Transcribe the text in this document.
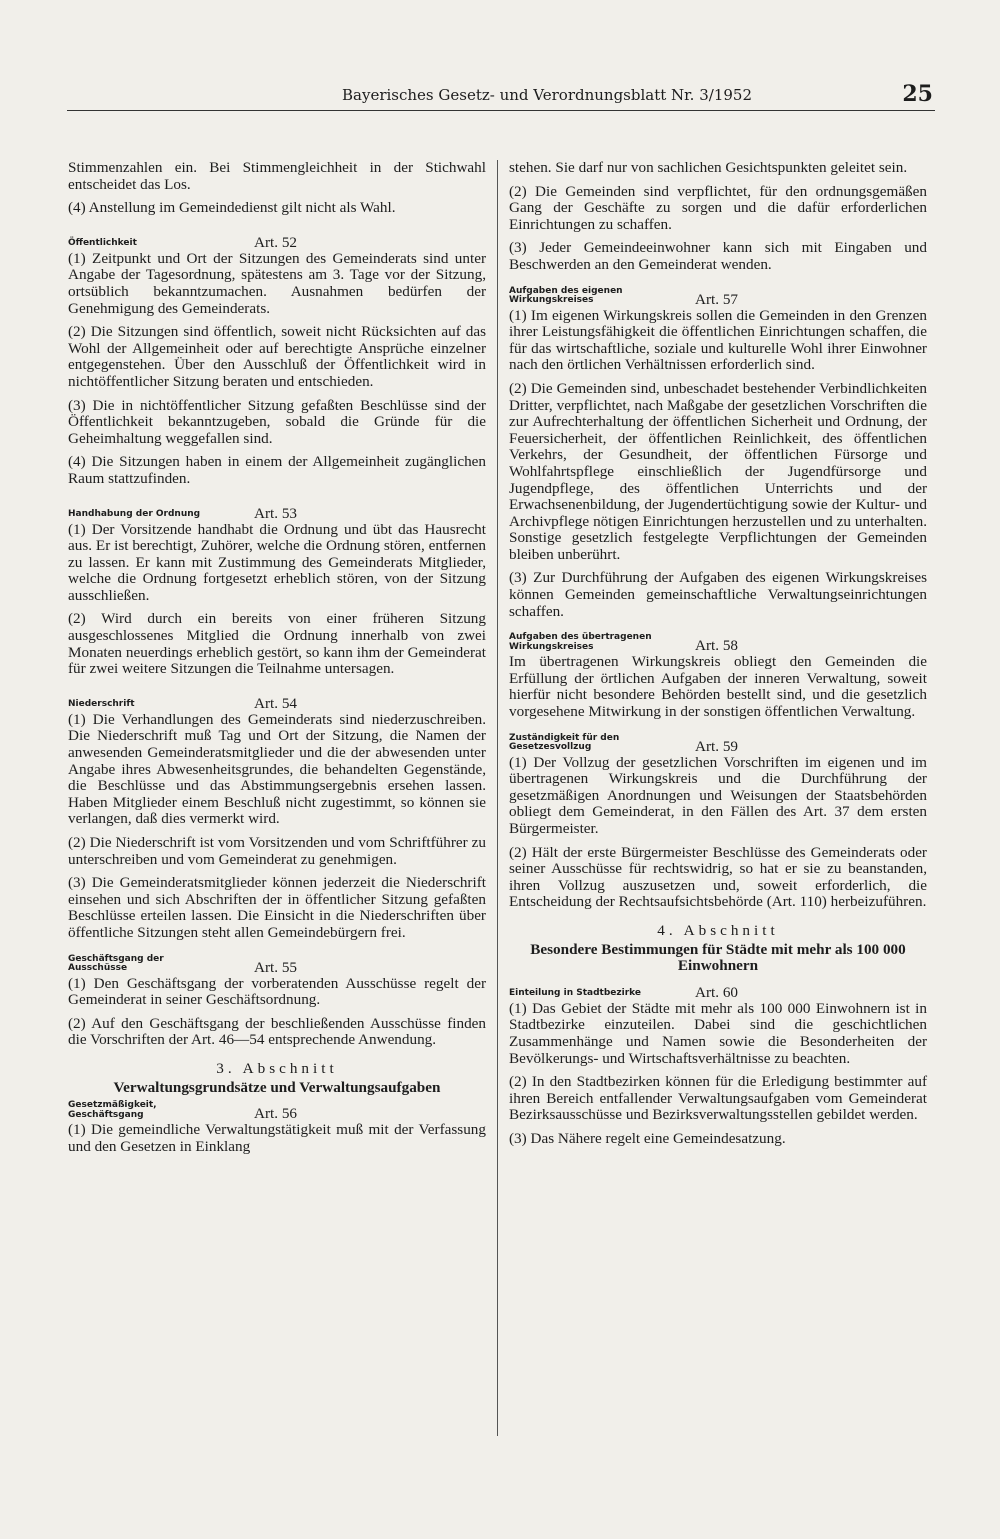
Bayerisches Gesetz- und Verordnungsblatt Nr. 3/1952	25

Stimmenzahlen ein. Bei Stimmengleichheit in der Stichwahl entscheidet das Los.

(4) Anstellung im Gemeindedienst gilt nicht als Wahl.

Öffentlichkeit	Art. 52

(1) Zeitpunkt und Ort der Sitzungen des Gemeinderats sind unter Angabe der Tagesordnung, spätestens am 3. Tage vor der Sitzung, ortsüblich bekanntzumachen. Ausnahmen bedürfen der Genehmigung des Gemeinderats.

(2) Die Sitzungen sind öffentlich, soweit nicht Rücksichten auf das Wohl der Allgemeinheit oder auf berechtigte Ansprüche einzelner entgegenstehen. Über den Ausschluß der Öffentlichkeit wird in nichtöffentlicher Sitzung beraten und entschieden.

(3) Die in nichtöffentlicher Sitzung gefaßten Beschlüsse sind der Öffentlichkeit bekanntzugeben, sobald die Gründe für die Geheimhaltung weggefallen sind.

(4) Die Sitzungen haben in einem der Allgemeinheit zugänglichen Raum stattzufinden.

Handhabung der Ordnung	Art. 53

(1) Der Vorsitzende handhabt die Ordnung und übt das Hausrecht aus. Er ist berechtigt, Zuhörer, welche die Ordnung stören, entfernen zu lassen. Er kann mit Zustimmung des Gemeinderats Mitglieder, welche die Ordnung fortgesetzt erheblich stören, von der Sitzung ausschließen.

(2) Wird durch ein bereits von einer früheren Sitzung ausgeschlossenes Mitglied die Ordnung innerhalb von zwei Monaten neuerdings erheblich gestört, so kann ihm der Gemeinderat für zwei weitere Sitzungen die Teilnahme untersagen.

Niederschrift	Art. 54

(1) Die Verhandlungen des Gemeinderats sind niederzuschreiben. Die Niederschrift muß Tag und Ort der Sitzung, die Namen der anwesenden Gemeinderatsmitglieder und die der abwesenden unter Angabe ihres Abwesenheitsgrundes, die behandelten Gegenstände, die Beschlüsse und das Abstimmungsergebnis ersehen lassen. Haben Mitglieder einem Beschluß nicht zugestimmt, so können sie verlangen, daß dies vermerkt wird.

(2) Die Niederschrift ist vom Vorsitzenden und vom Schriftführer zu unterschreiben und vom Gemeinderat zu genehmigen.

(3) Die Gemeinderatsmitglieder können jederzeit die Niederschrift einsehen und sich Abschriften der in öffentlicher Sitzung gefaßten Beschlüsse erteilen lassen. Die Einsicht in die Niederschriften über öffentliche Sitzungen steht allen Gemeindebürgern frei.

Geschäftsgang der Ausschüsse	Art. 55

(1) Den Geschäftsgang der vorberatenden Ausschüsse regelt der Gemeinderat in seiner Geschäftsordnung.

(2) Auf den Geschäftsgang der beschließenden Ausschüsse finden die Vorschriften der Art. 46—54 entsprechende Anwendung.

3. Abschnitt
Verwaltungsgrundsätze und Verwaltungsaufgaben
Gesetzmäßigkeit, Geschäftsgang	Art. 56

(1) Die gemeindliche Verwaltungstätigkeit muß mit der Verfassung und den Gesetzen in Einklang

stehen. Sie darf nur von sachlichen Gesichtspunkten geleitet sein.

(2) Die Gemeinden sind verpflichtet, für den ordnungsgemäßen Gang der Geschäfte zu sorgen und die dafür erforderlichen Einrichtungen zu schaffen.

(3) Jeder Gemeindeeinwohner kann sich mit Eingaben und Beschwerden an den Gemeinderat wenden.

Aufgaben des eigenen Wirkungskreises	Art. 57

(1) Im eigenen Wirkungskreis sollen die Gemeinden in den Grenzen ihrer Leistungsfähigkeit die öffentlichen Einrichtungen schaffen, die für das wirtschaftliche, soziale und kulturelle Wohl ihrer Einwohner nach den örtlichen Verhältnissen erforderlich sind.

(2) Die Gemeinden sind, unbeschadet bestehender Verbindlichkeiten Dritter, verpflichtet, nach Maßgabe der gesetzlichen Vorschriften die zur Aufrechterhaltung der öffentlichen Sicherheit und Ordnung, der Feuersicherheit, der öffentlichen Reinlichkeit, des öffentlichen Verkehrs, der Gesundheit, der öffentlichen Fürsorge und Wohlfahrtspflege einschließlich der Jugendfürsorge und Jugendpflege, des öffentlichen Unterrichts und der Erwachsenenbildung, der Jugendertüchtigung sowie der Kultur- und Archivpflege nötigen Einrichtungen herzustellen und zu unterhalten. Sonstige gesetzlich festgelegte Verpflichtungen der Gemeinden bleiben unberührt.

(3) Zur Durchführung der Aufgaben des eigenen Wirkungskreises können Gemeinden gemeinschaftliche Verwaltungseinrichtungen schaffen.

Aufgaben des übertragenen Wirkungskreises	Art. 58

Im übertragenen Wirkungskreis obliegt den Gemeinden die Erfüllung der örtlichen Aufgaben der inneren Verwaltung, soweit hierfür nicht besondere Behörden bestellt sind, und die gesetzlich vorgesehene Mitwirkung in der sonstigen öffentlichen Verwaltung.

Zuständigkeit für den Gesetzesvollzug	Art. 59

(1) Der Vollzug der gesetzlichen Vorschriften im eigenen und im übertragenen Wirkungskreis und die Durchführung der gesetzmäßigen Anordnungen und Weisungen der Staatsbehörden obliegt dem Gemeinderat, in den Fällen des Art. 37 dem ersten Bürgermeister.

(2) Hält der erste Bürgermeister Beschlüsse des Gemeinderats oder seiner Ausschüsse für rechtswidrig, so hat er sie zu beanstanden, ihren Vollzug auszusetzen und, soweit erforderlich, die Entscheidung der Rechtsaufsichtsbehörde (Art. 110) herbeizuführen.

4. Abschnitt
Besondere Bestimmungen für Städte mit mehr als 100 000 Einwohnern
Einteilung in Stadtbezirke	Art. 60

(1) Das Gebiet der Städte mit mehr als 100 000 Einwohnern ist in Stadtbezirke einzuteilen. Dabei sind die geschichtlichen Zusammenhänge und Namen sowie die Besonderheiten der Bevölkerungs- und Wirtschaftsverhältnisse zu beachten.

(2) In den Stadtbezirken können für die Erledigung bestimmter auf ihren Bereich entfallender Verwaltungsaufgaben vom Gemeinderat Bezirksausschüsse und Bezirksverwaltungsstellen gebildet werden.

(3) Das Nähere regelt eine Gemeindesatzung.
